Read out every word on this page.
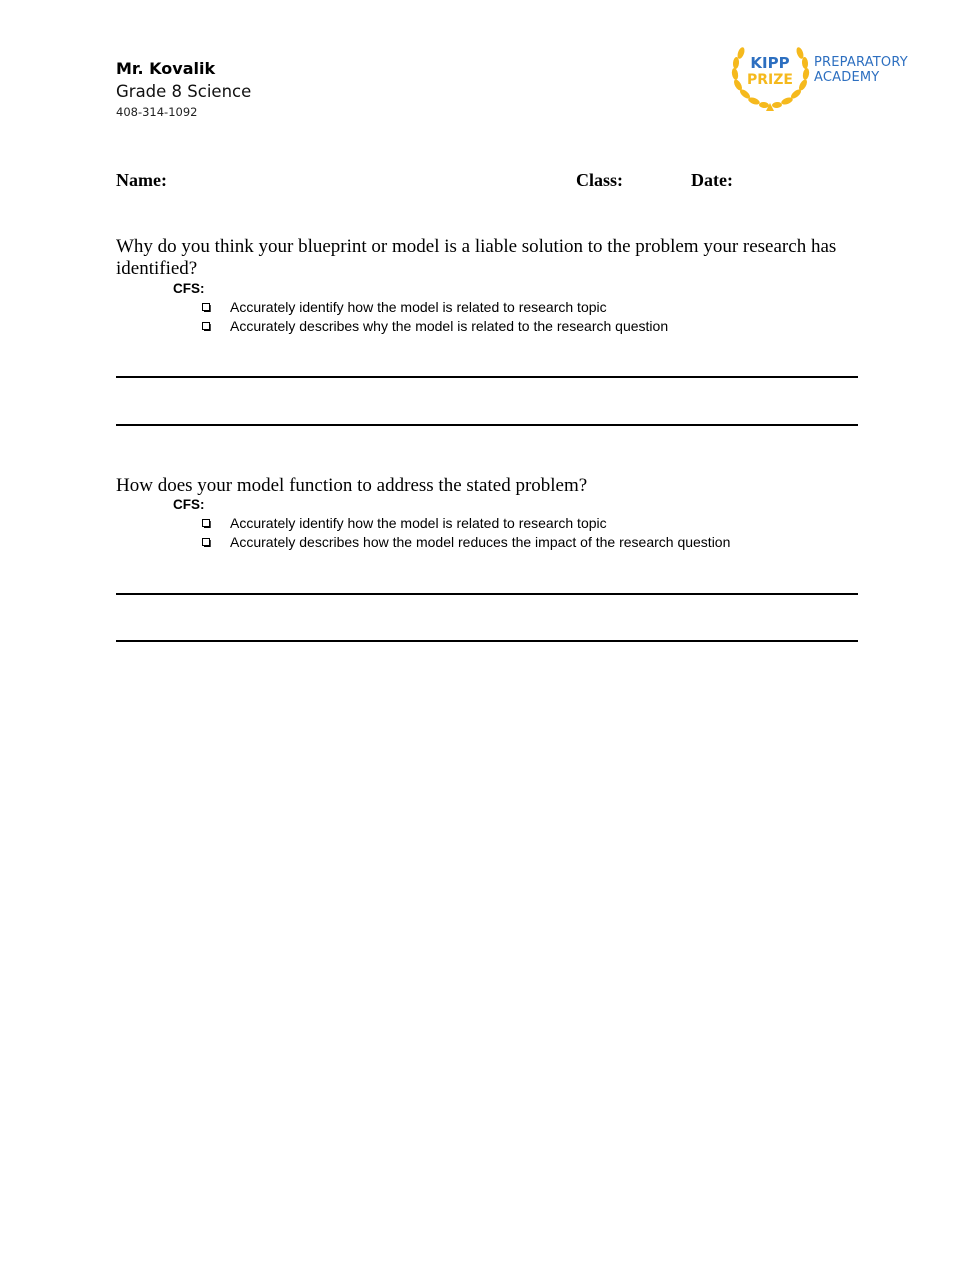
Mr. Kovalik
Grade 8 Science
408-314-1092
KIPP
PRIZE
PREPARATORY
ACADEMY
Name:	Class:	Date:
Why do you think your blueprint or model is a liable solution to the problem your research has identified?
CFS:
Accurately identify how the model is related to research topic
Accurately describes why the model is related to the research question
How does your model function to address the stated problem?
CFS:
Accurately identify how the model is related to research topic
Accurately describes how the model reduces the impact of the research question
